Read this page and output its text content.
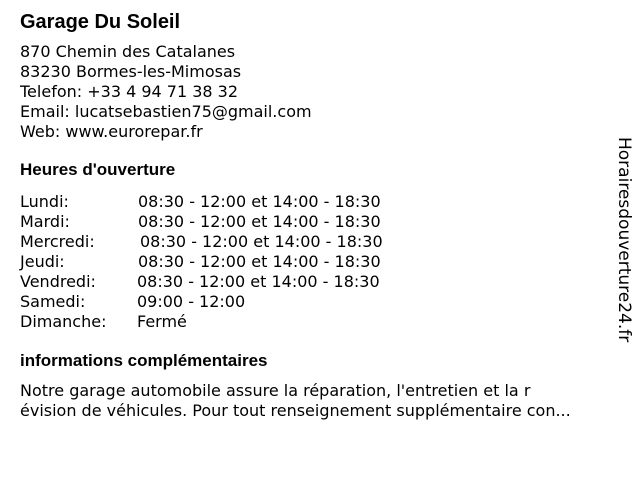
Garage Du Soleil
870 Chemin des Catalanes
83230 Bormes-les-Mimosas
Telefon: +33 4 94 71 38 32
Email: lucatsebastien75@gmail.com
Web: www.eurorepar.fr
Heures d'ouverture
Lundi:	08:30 - 12:00 et 14:00 - 18:30
Mardi:	08:30 - 12:00 et 14:00 - 18:30
Mercredi:	08:30 - 12:00 et 14:00 - 18:30
Jeudi:	08:30 - 12:00 et 14:00 - 18:30
Vendredi:	08:30 - 12:00 et 14:00 - 18:30
Samedi:	09:00 - 12:00
Dimanche:	Fermé
informations complémentaires
Notre garage automobile assure la réparation, l'entretien et la r
évision de véhicules. Pour tout renseignement supplémentaire con...
Horairesdouverture24.fr
